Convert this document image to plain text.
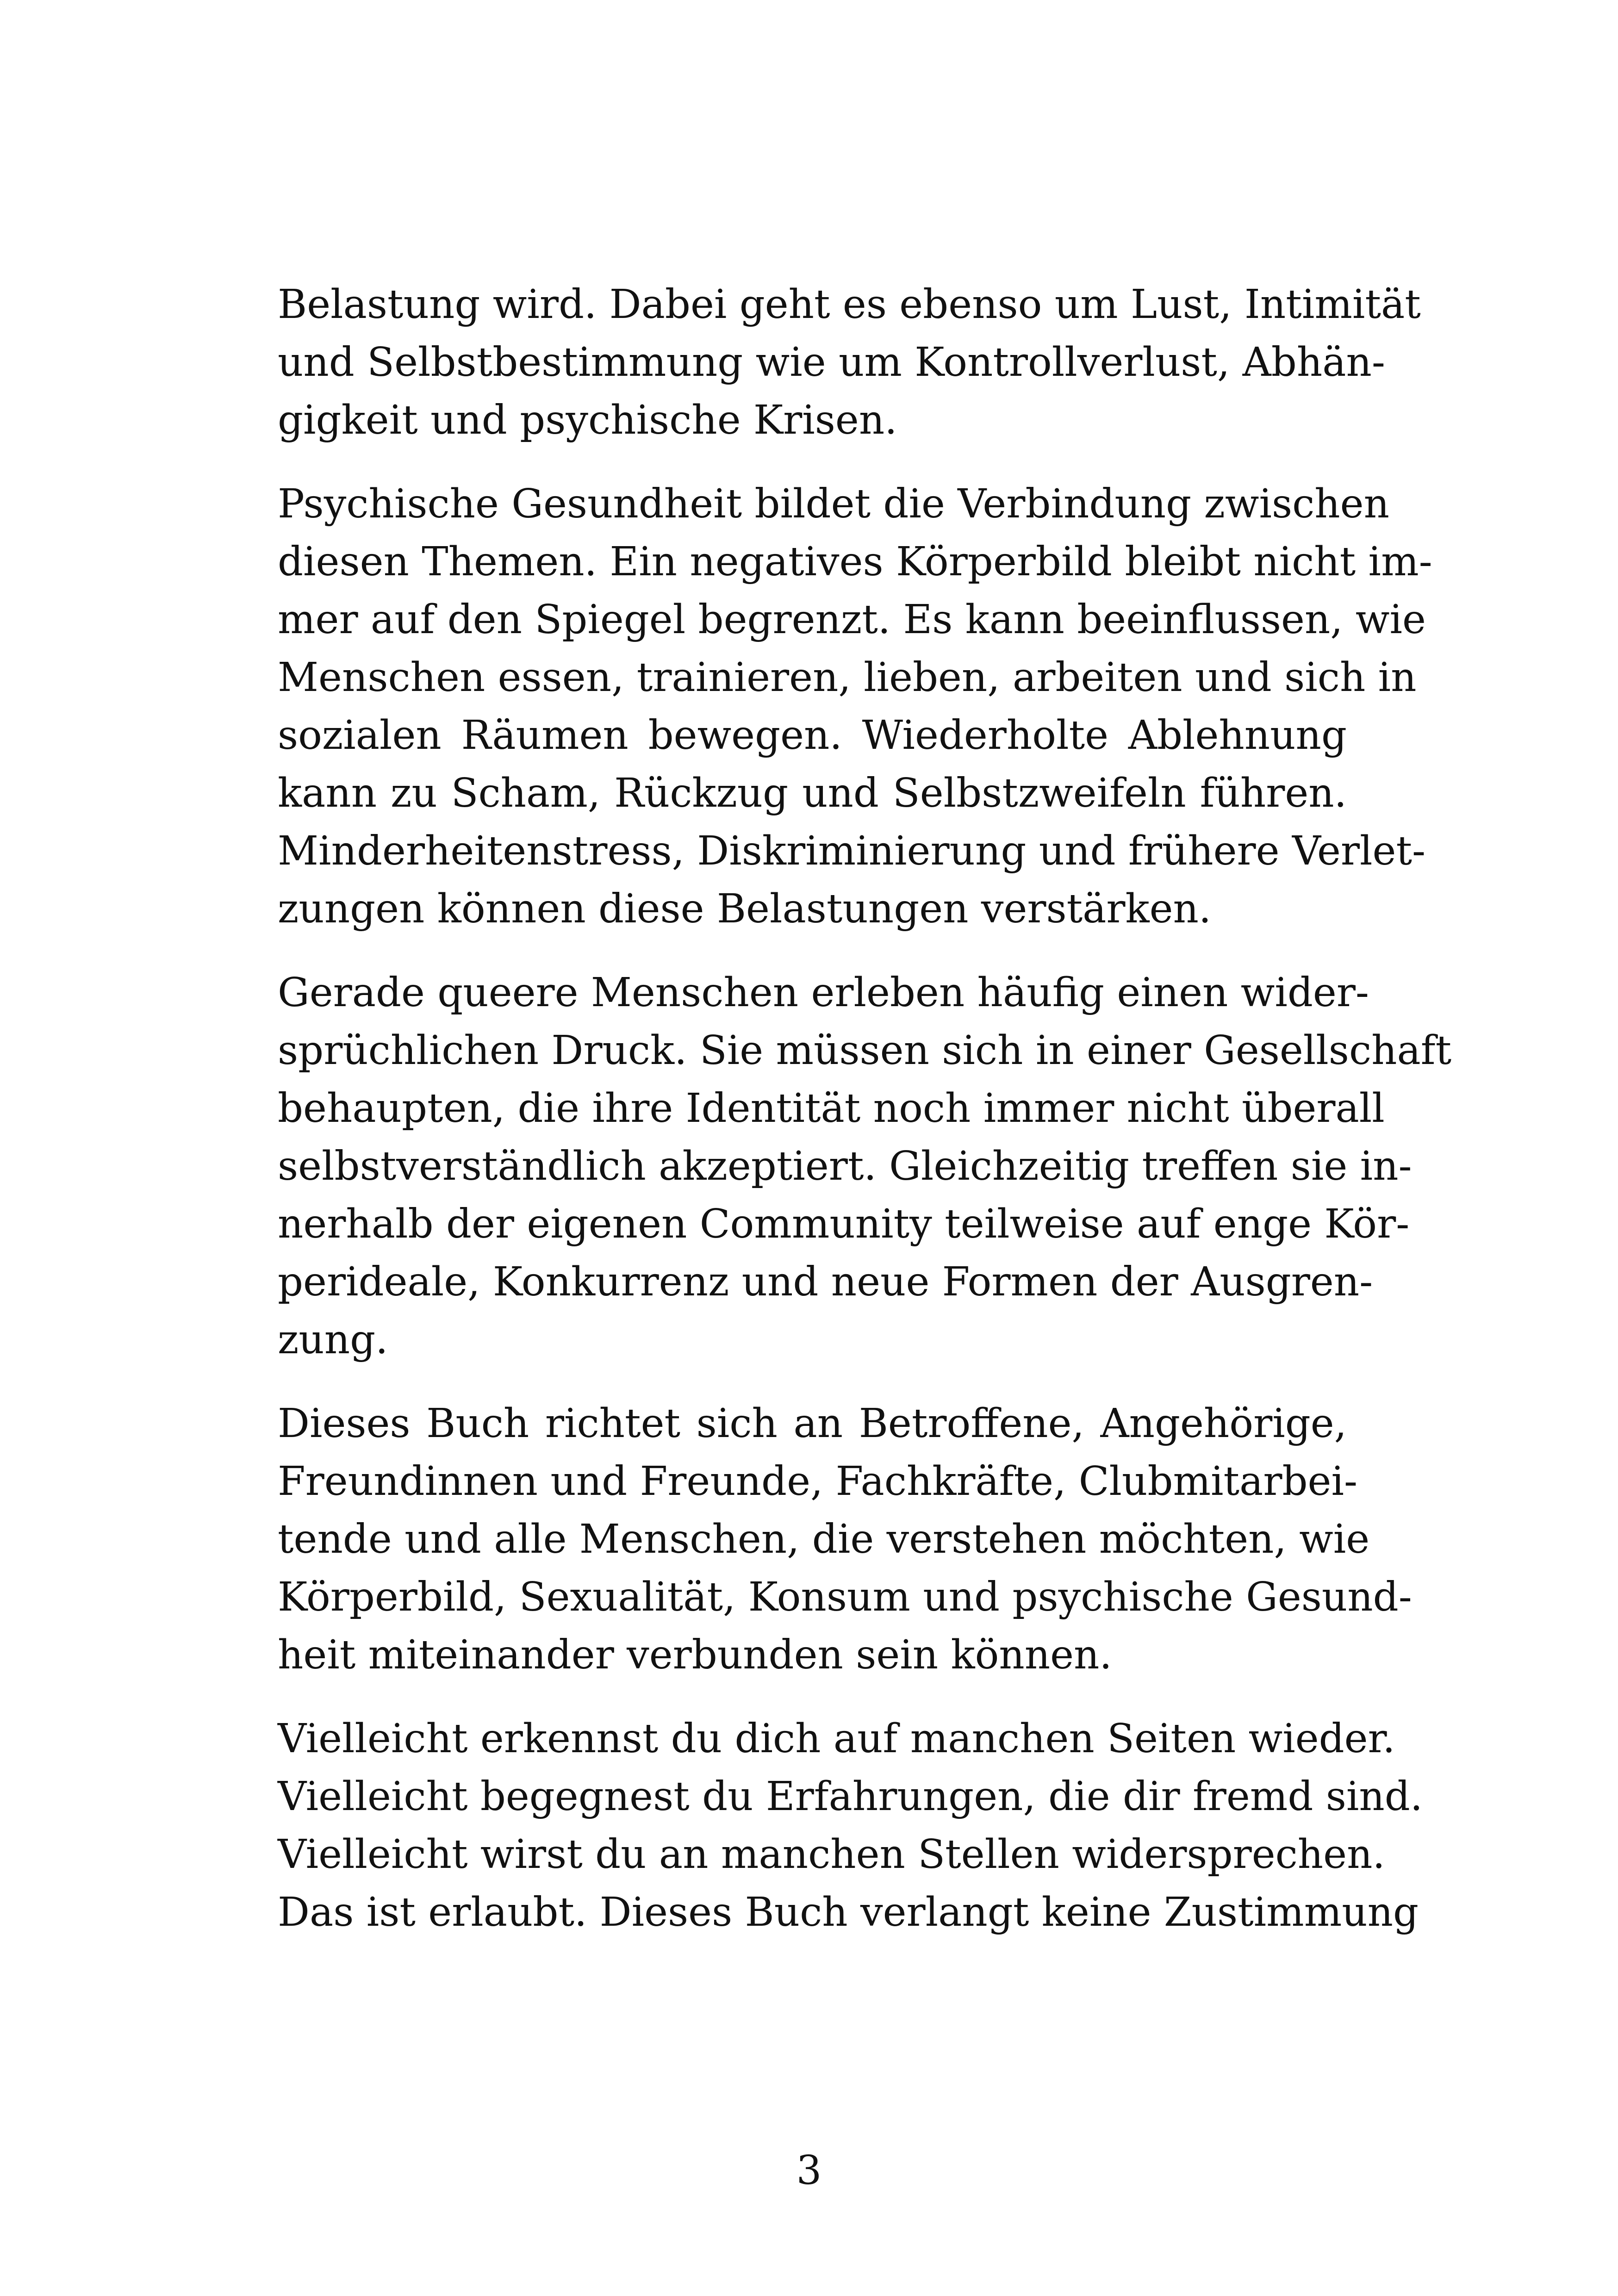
Belastung wird. Dabei geht es ebenso um Lust, Intimität
und Selbstbestimmung wie um Kontrollverlust, Abhän-
gigkeit und psychische Krisen.
Psychische Gesundheit bildet die Verbindung zwischen
diesen Themen. Ein negatives Körperbild bleibt nicht im-
mer auf den Spiegel begrenzt. Es kann beeinflussen, wie
Menschen essen, trainieren, lieben, arbeiten und sich in
sozialen Räumen bewegen. Wiederholte Ablehnung
kann zu Scham, Rückzug und Selbstzweifeln führen.
Minderheitenstress, Diskriminierung und frühere Verlet-
zungen können diese Belastungen verstärken.
Gerade queere Menschen erleben häufig einen wider-
sprüchlichen Druck. Sie müssen sich in einer Gesellschaft
behaupten, die ihre Identität noch immer nicht überall
selbstverständlich akzeptiert. Gleichzeitig treffen sie in-
nerhalb der eigenen Community teilweise auf enge Kör-
perideale, Konkurrenz und neue Formen der Ausgren-
zung.
Dieses Buch richtet sich an Betroffene, Angehörige,
Freundinnen und Freunde, Fachkräfte, Clubmitarbei-
tende und alle Menschen, die verstehen möchten, wie
Körperbild, Sexualität, Konsum und psychische Gesund-
heit miteinander verbunden sein können.
Vielleicht erkennst du dich auf manchen Seiten wieder.
Vielleicht begegnest du Erfahrungen, die dir fremd sind.
Vielleicht wirst du an manchen Stellen widersprechen.
Das ist erlaubt. Dieses Buch verlangt keine Zustimmung
3
